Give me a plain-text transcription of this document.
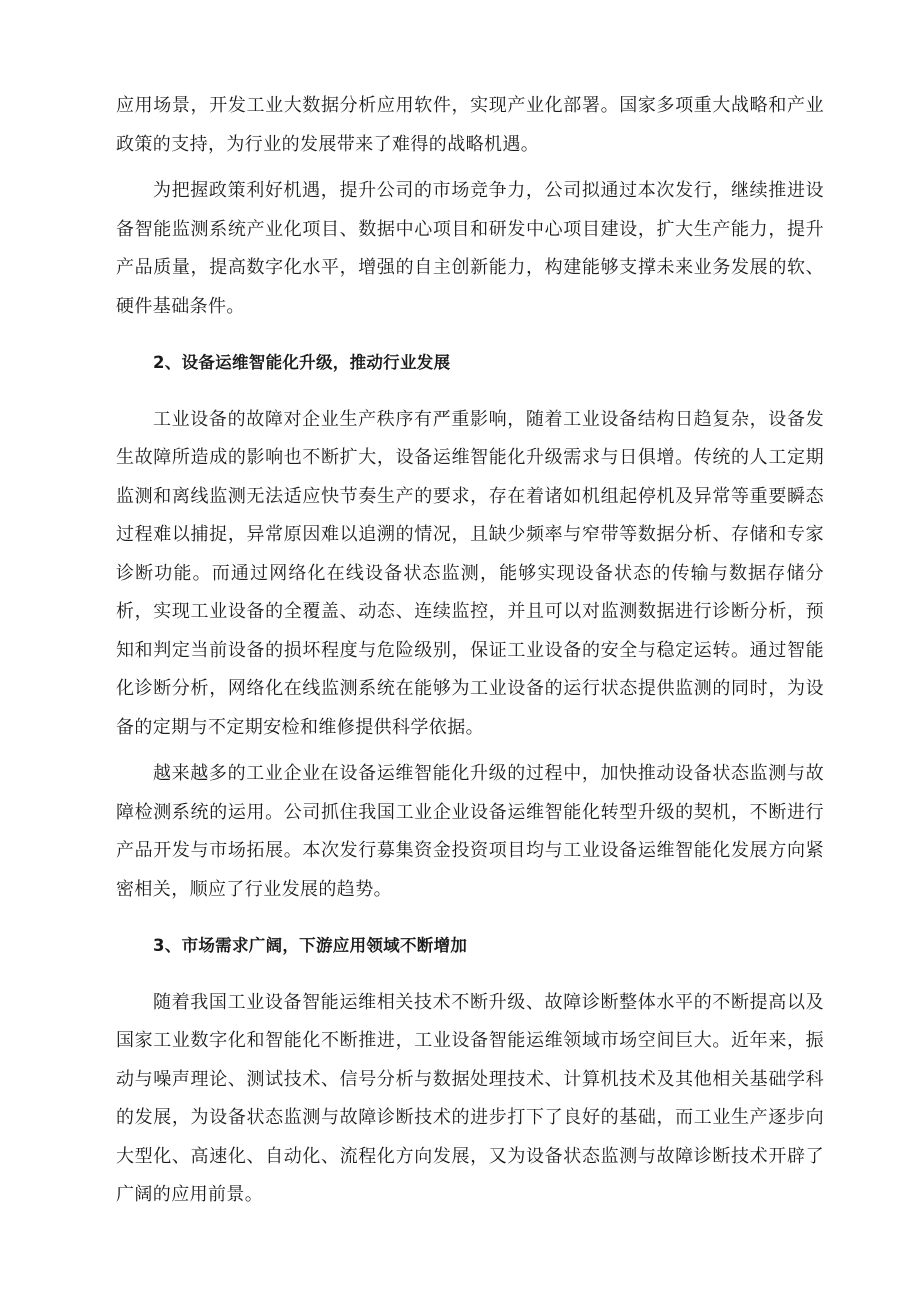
应用场景，开发工业大数据分析应用软件，实现产业化部署。国家多项重大战略和产业政策的支持，为行业的发展带来了难得的战略机遇。

为把握政策利好机遇，提升公司的市场竞争力，公司拟通过本次发行，继续推进设备智能监测系统产业化项目、数据中心项目和研发中心项目建设，扩大生产能力，提升产品质量，提高数字化水平，增强的自主创新能力，构建能够支撑未来业务发展的软、硬件基础条件。

2、设备运维智能化升级，推动行业发展

工业设备的故障对企业生产秩序有严重影响，随着工业设备结构日趋复杂，设备发生故障所造成的影响也不断扩大，设备运维智能化升级需求与日俱增。传统的人工定期监测和离线监测无法适应快节奏生产的要求，存在着诸如机组起停机及异常等重要瞬态过程难以捕捉，异常原因难以追溯的情况，且缺少频率与窄带等数据分析、存储和专家诊断功能。而通过网络化在线设备状态监测，能够实现设备状态的传输与数据存储分析，实现工业设备的全覆盖、动态、连续监控，并且可以对监测数据进行诊断分析，预知和判定当前设备的损坏程度与危险级别，保证工业设备的安全与稳定运转。通过智能化诊断分析，网络化在线监测系统在能够为工业设备的运行状态提供监测的同时，为设备的定期与不定期安检和维修提供科学依据。

越来越多的工业企业在设备运维智能化升级的过程中，加快推动设备状态监测与故障检测系统的运用。公司抓住我国工业企业设备运维智能化转型升级的契机，不断进行产品开发与市场拓展。本次发行募集资金投资项目均与工业设备运维智能化发展方向紧密相关，顺应了行业发展的趋势。

3、市场需求广阔，下游应用领域不断增加

随着我国工业设备智能运维相关技术不断升级、故障诊断整体水平的不断提高以及国家工业数字化和智能化不断推进，工业设备智能运维领域市场空间巨大。近年来，振动与噪声理论、测试技术、信号分析与数据处理技术、计算机技术及其他相关基础学科的发展，为设备状态监测与故障诊断技术的进步打下了良好的基础，而工业生产逐步向大型化、高速化、自动化、流程化方向发展，又为设备状态监测与故障诊断技术开辟了广阔的应用前景。
